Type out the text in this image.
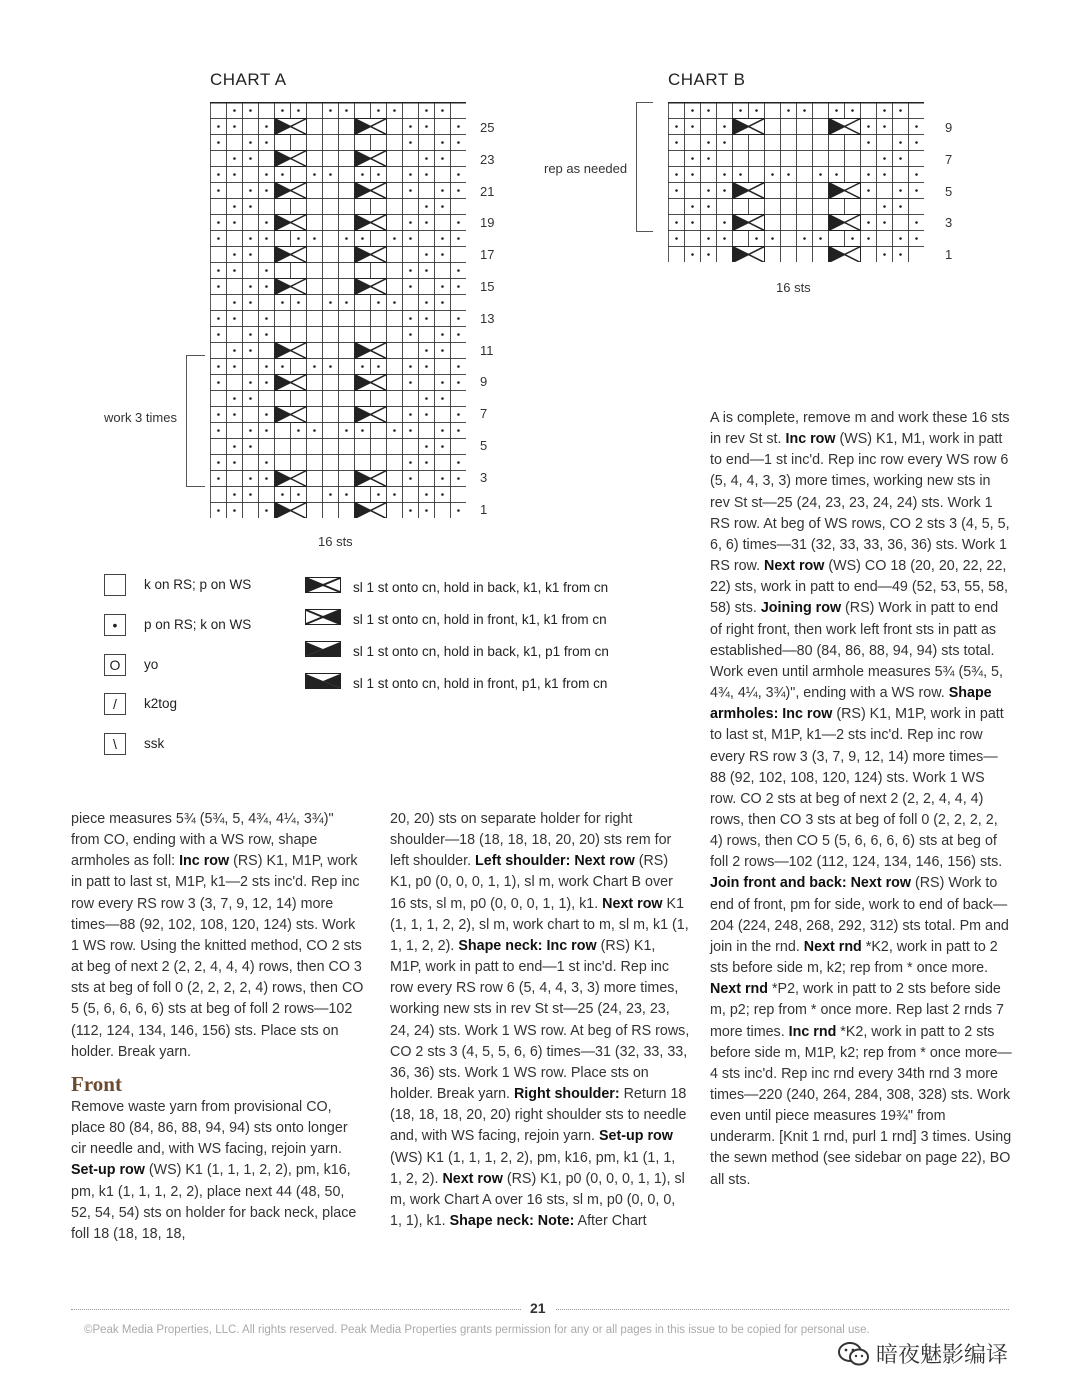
CHART A
25
23
21
19
17
15
13
11
9
7
5
3
1
16 sts
work 3 times
CHART B
9
7
5
3
1
16 sts
rep as needed
k on RS; p on WS
•	p on RS; k on WS
O	yo
/	k2tog
\	ssk
sl 1 st onto cn, hold in back, k1, k1 from cn
sl 1 st onto cn, hold in front, k1, k1 from cn
sl 1 st onto cn, hold in back, k1, p1 from cn
sl 1 st onto cn, hold in front, p1, k1 from cn

piece measures 5¾ (5¾, 5, 4¾, 4¼, 3¾)" from CO, ending with a WS row, shape armholes as foll: Inc row (RS) K1, M1P, work in patt to last st, M1P, k1—2 sts inc'd. Rep inc row every RS row 3 (3, 7, 9, 12, 14) more times—88 (92, 102, 108, 120, 124) sts. Work 1 WS row. Using the knitted method, CO 2 sts at beg of next 2 (2, 2, 4, 4, 4) rows, then CO 3 sts at beg of foll 0 (2, 2, 2, 2, 4) rows, then CO 5 (5, 6, 6, 6, 6) sts at beg of foll 2 rows—102 (112, 124, 134, 146, 156) sts. Place sts on holder. Break yarn.

Front

Remove waste yarn from provisional CO, place 80 (84, 86, 88, 94, 94) sts onto longer cir needle and, with WS facing, rejoin yarn. Set-up row (WS) K1 (1, 1, 1, 2, 2), pm, k16, pm, k1 (1, 1, 1, 2, 2), place next 44 (48, 50, 52, 54, 54) sts on holder for back neck, place foll 18 (18, 18, 18,

20, 20) sts on separate holder for right shoulder—18 (18, 18, 18, 20, 20) sts rem for left shoulder. Left shoulder: Next row (RS) K1, p0 (0, 0, 0, 1, 1), sl m, work Chart B over 16 sts, sl m, p0 (0, 0, 0, 1, 1), k1. Next row K1 (1, 1, 1, 2, 2), sl m, work chart to m, sl m, k1 (1, 1, 1, 2, 2). Shape neck: Inc row (RS) K1, M1P, work in patt to end—1 st inc'd. Rep inc row every RS row 6 (5, 4, 4, 3, 3) more times, working new sts in rev St st—25 (24, 23, 23, 24, 24) sts. Work 1 WS row. At beg of RS rows, CO 2 sts 3 (4, 5, 5, 6, 6) times—31 (32, 33, 33, 36, 36) sts. Work 1 WS row. Place sts on holder. Break yarn. Right shoulder: Return 18 (18, 18, 18, 20, 20) right shoulder sts to needle and, with WS facing, rejoin yarn. Set-up row (WS) K1 (1, 1, 1, 2, 2), pm, k16, pm, k1 (1, 1, 1, 2, 2). Next row (RS) K1, p0 (0, 0, 0, 1, 1), sl m, work Chart A over 16 sts, sl m, p0 (0, 0, 0, 1, 1), k1. Shape neck: Note: After Chart

A is complete, remove m and work these 16 sts in rev St st. Inc row (WS) K1, M1, work in patt to end—1 st inc'd. Rep inc row every WS row 6 (5, 4, 4, 3, 3) more times, working new sts in rev St st—25 (24, 23, 23, 24, 24) sts. Work 1 RS row. At beg of WS rows, CO 2 sts 3 (4, 5, 5, 6, 6) times—31 (32, 33, 33, 36, 36) sts. Work 1 RS row. Next row (WS) CO 18 (20, 20, 22, 22, 22) sts, work in patt to end—49 (52, 53, 55, 58, 58) sts. Joining row (RS) Work in patt to end of right front, then work left front sts in patt as established—80 (84, 86, 88, 94, 94) sts total. Work even until armhole measures 5¾ (5¾, 5, 4¾, 4¼, 3¾)", ending with a WS row. Shape armholes: Inc row (RS) K1, M1P, work in patt to last st, M1P, k1—2 sts inc'd. Rep inc row every RS row 3 (3, 7, 9, 12, 14) more times—88 (92, 102, 108, 120, 124) sts. Work 1 WS row. CO 2 sts at beg of next 2 (2, 2, 4, 4, 4) rows, then CO 3 sts at beg of foll 0 (2, 2, 2, 2, 4) rows, then CO 5 (5, 6, 6, 6, 6) sts at beg of foll 2 rows—102 (112, 124, 134, 146, 156) sts. Join front and back: Next row (RS) Work to end of front, pm for side, work to end of back—204 (224, 248, 268, 292, 312) sts total. Pm and join in the rnd. Next rnd *K2, work in patt to 2 sts before side m, k2; rep from * once more. Next rnd *P2, work in patt to 2 sts before side m, p2; rep from * once more. Rep last 2 rnds 7 more times. Inc rnd *K2, work in patt to 2 sts before side m, M1P, k2; rep from * once more—4 sts inc'd. Rep inc rnd every 34th rnd 3 more times—220 (240, 264, 284, 308, 328) sts. Work even until piece measures 19¾" from underarm. [Knit 1 rnd, purl 1 rnd] 3 times. Using the sewn method (see sidebar on page 22), BO all sts.

21
©Peak Media Properties, LLC. All rights reserved. Peak Media Properties grants permission for any or all pages in this issue to be copied for personal use.
暗夜魅影编译
